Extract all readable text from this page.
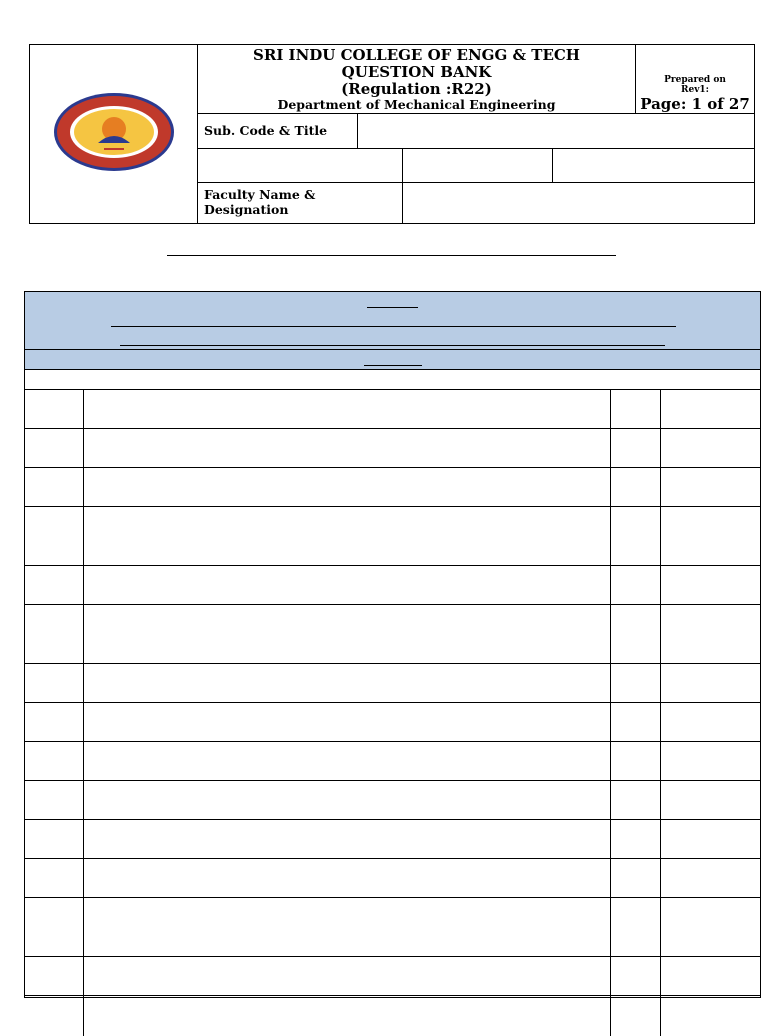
SRI INDU COLLEGE OF ENGG & TECH
QUESTION BANK
(Regulation :R22)
Department of Mechanical Engineering
Prepared on
Rev1:
Page: 1 of 27
Sub. Code & Title
Faculty Name &
Designation
